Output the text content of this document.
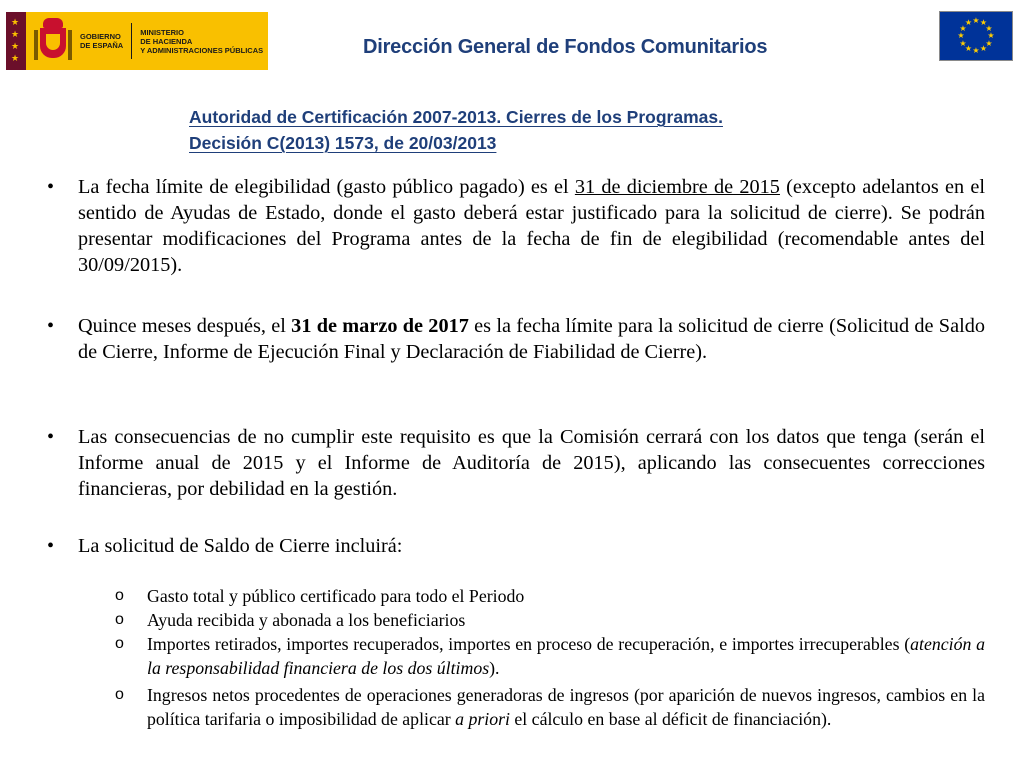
★
★
★
★
GOBIERNO
DE ESPAÑA
MINISTERIO
DE HACIENDA
Y ADMINISTRACIONES PÚBLICAS	Dirección General de Fondos Comunitarios
★ ★
★
★
★
★
★
★
★
★
★
★
Autoridad de Certificación 2007-2013. Cierres de los Programas.
Decisión C(2013) 1573, de 20/03/2013
• La fecha límite de elegibilidad (gasto público pagado) es el 31 de diciembre de 2015 (excepto adelantos en el sentido de Ayudas de Estado, donde el gasto deberá estar justificado para la solicitud de cierre). Se podrán presentar modificaciones del Programa antes de la fecha de fin de elegibilidad (recomendable antes del 30/09/2015).
• Quince meses después, el 31 de marzo de 2017 es la fecha límite para la solicitud de cierre (Solicitud de Saldo de Cierre, Informe de Ejecución Final y Declaración de Fiabilidad de Cierre).
• Las consecuencias de no cumplir este requisito es que la Comisión cerrará con los datos que tenga (serán el Informe anual de 2015 y el Informe de Auditoría de 2015), aplicando las consecuentes correcciones financieras, por debilidad en la gestión.
• La solicitud de Saldo de Cierre incluirá:
o Gasto total y público certificado para todo el Periodo
o Ayuda recibida y abonada a los beneficiarios
o Importes retirados, importes recuperados, importes en proceso de recuperación, e importes irrecuperables (atención a la responsabilidad financiera de los dos últimos).
o Ingresos netos procedentes de operaciones generadoras de ingresos (por aparición de nuevos ingresos, cambios en la política tarifaria o imposibilidad de aplicar a priori el cálculo en base al déficit de financiación).
